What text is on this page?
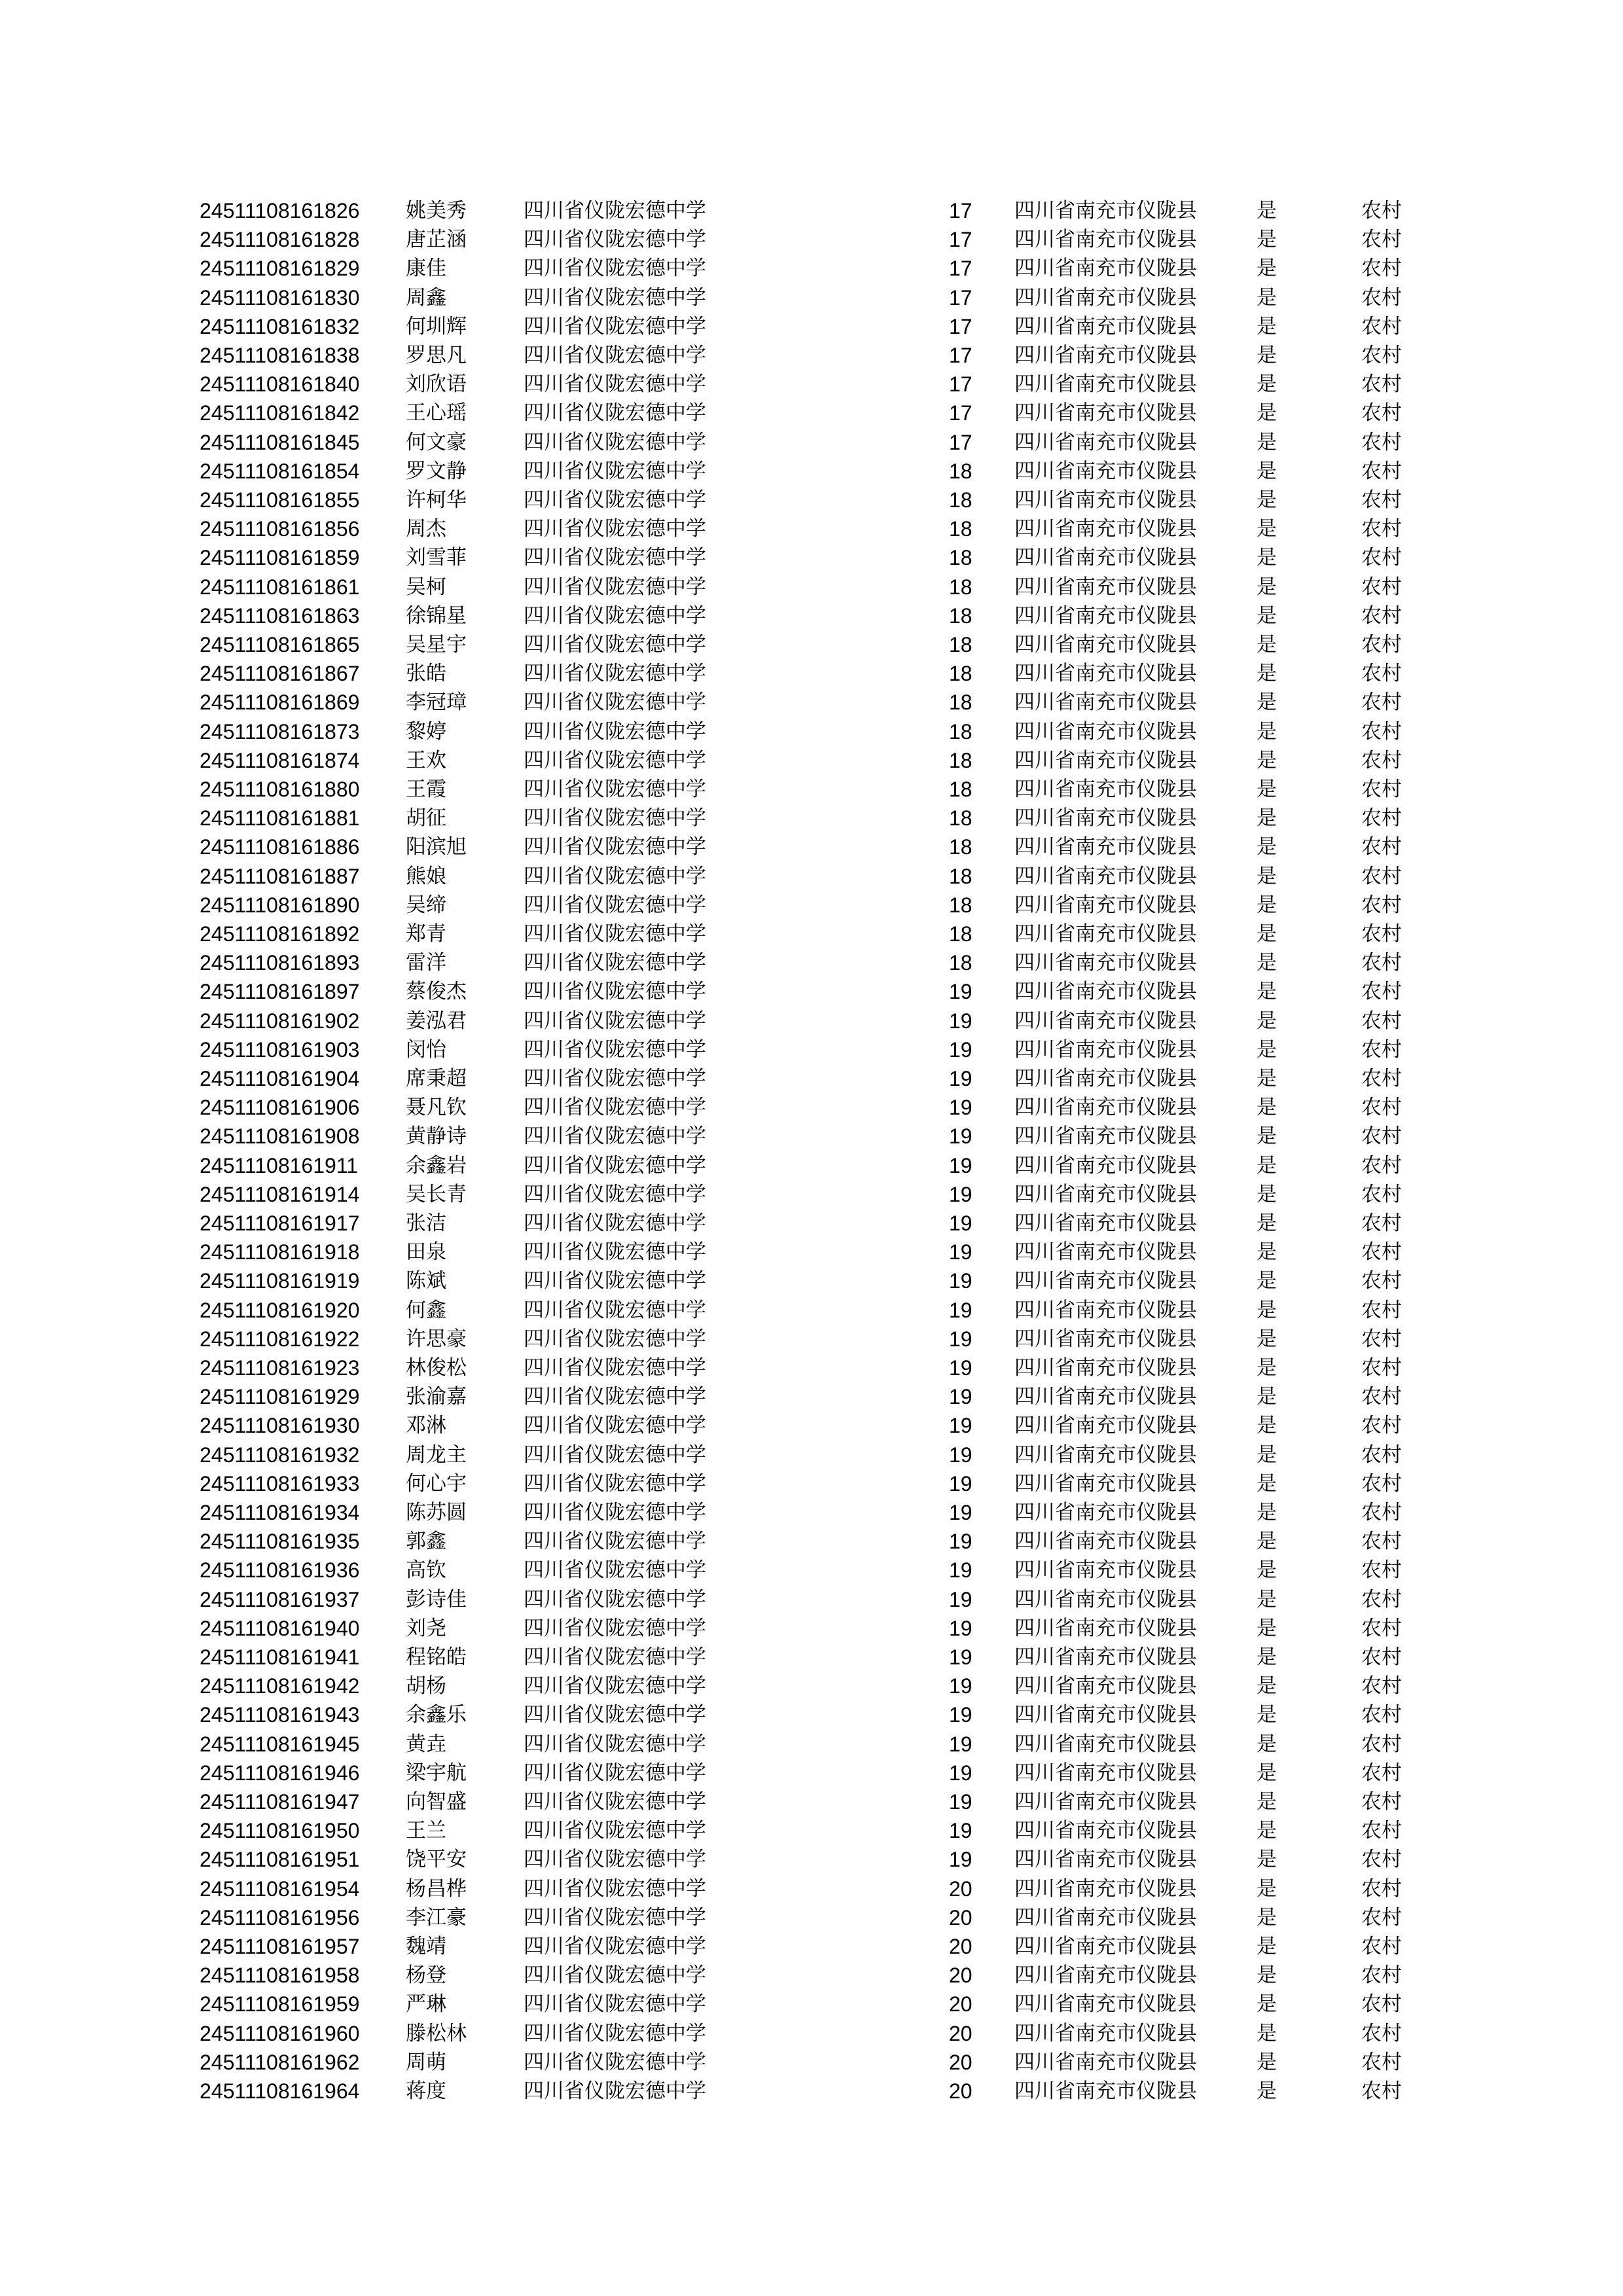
24511108161826 姚美秀	四川省仪陇宏德中学	17 四川省南充市仪陇县	是	农村
24511108161828 唐芷涵	四川省仪陇宏德中学	17 四川省南充市仪陇县	是	农村
24511108161829 康佳	四川省仪陇宏德中学	17 四川省南充市仪陇县	是	农村
24511108161830 周鑫	四川省仪陇宏德中学	17 四川省南充市仪陇县	是	农村
24511108161832 何圳辉	四川省仪陇宏德中学	17 四川省南充市仪陇县	是	农村
24511108161838 罗思凡	四川省仪陇宏德中学	17 四川省南充市仪陇县	是	农村
24511108161840 刘欣语	四川省仪陇宏德中学	17 四川省南充市仪陇县	是	农村
24511108161842 王心瑶	四川省仪陇宏德中学	17 四川省南充市仪陇县	是	农村
24511108161845 何文豪	四川省仪陇宏德中学	17 四川省南充市仪陇县	是	农村
24511108161854 罗文静	四川省仪陇宏德中学	18 四川省南充市仪陇县	是	农村
24511108161855 许柯华	四川省仪陇宏德中学	18 四川省南充市仪陇县	是	农村
24511108161856 周杰	四川省仪陇宏德中学	18 四川省南充市仪陇县	是	农村
24511108161859 刘雪菲	四川省仪陇宏德中学	18 四川省南充市仪陇县	是	农村
24511108161861 吴柯	四川省仪陇宏德中学	18 四川省南充市仪陇县	是	农村
24511108161863 徐锦星	四川省仪陇宏德中学	18 四川省南充市仪陇县	是	农村
24511108161865 吴星宇	四川省仪陇宏德中学	18 四川省南充市仪陇县	是	农村
24511108161867 张皓	四川省仪陇宏德中学	18 四川省南充市仪陇县	是	农村
24511108161869 李冠璋	四川省仪陇宏德中学	18 四川省南充市仪陇县	是	农村
24511108161873 黎婷	四川省仪陇宏德中学	18 四川省南充市仪陇县	是	农村
24511108161874 王欢	四川省仪陇宏德中学	18 四川省南充市仪陇县	是	农村
24511108161880 王霞	四川省仪陇宏德中学	18 四川省南充市仪陇县	是	农村
24511108161881 胡征	四川省仪陇宏德中学	18 四川省南充市仪陇县	是	农村
24511108161886 阳滨旭	四川省仪陇宏德中学	18 四川省南充市仪陇县	是	农村
24511108161887 熊娘	四川省仪陇宏德中学	18 四川省南充市仪陇县	是	农村
24511108161890 吴缔	四川省仪陇宏德中学	18 四川省南充市仪陇县	是	农村
24511108161892 郑青	四川省仪陇宏德中学	18 四川省南充市仪陇县	是	农村
24511108161893 雷洋	四川省仪陇宏德中学	18 四川省南充市仪陇县	是	农村
24511108161897 蔡俊杰	四川省仪陇宏德中学	19 四川省南充市仪陇县	是	农村
24511108161902 姜泓君	四川省仪陇宏德中学	19 四川省南充市仪陇县	是	农村
24511108161903 闵怡	四川省仪陇宏德中学	19 四川省南充市仪陇县	是	农村
24511108161904 席秉超	四川省仪陇宏德中学	19 四川省南充市仪陇县	是	农村
24511108161906 聂凡钦	四川省仪陇宏德中学	19 四川省南充市仪陇县	是	农村
24511108161908 黄静诗	四川省仪陇宏德中学	19 四川省南充市仪陇县	是	农村
24511108161911 余鑫岩	四川省仪陇宏德中学	19 四川省南充市仪陇县	是	农村
24511108161914 吴长青	四川省仪陇宏德中学	19 四川省南充市仪陇县	是	农村
24511108161917 张洁	四川省仪陇宏德中学	19 四川省南充市仪陇县	是	农村
24511108161918 田泉	四川省仪陇宏德中学	19 四川省南充市仪陇县	是	农村
24511108161919 陈斌	四川省仪陇宏德中学	19 四川省南充市仪陇县	是	农村
24511108161920 何鑫	四川省仪陇宏德中学	19 四川省南充市仪陇县	是	农村
24511108161922 许思豪	四川省仪陇宏德中学	19 四川省南充市仪陇县	是	农村
24511108161923 林俊松	四川省仪陇宏德中学	19 四川省南充市仪陇县	是	农村
24511108161929 张渝嘉	四川省仪陇宏德中学	19 四川省南充市仪陇县	是	农村
24511108161930 邓淋	四川省仪陇宏德中学	19 四川省南充市仪陇县	是	农村
24511108161932 周龙主	四川省仪陇宏德中学	19 四川省南充市仪陇县	是	农村
24511108161933 何心宇	四川省仪陇宏德中学	19 四川省南充市仪陇县	是	农村
24511108161934 陈苏圆	四川省仪陇宏德中学	19 四川省南充市仪陇县	是	农村
24511108161935 郭鑫	四川省仪陇宏德中学	19 四川省南充市仪陇县	是	农村
24511108161936 高钦	四川省仪陇宏德中学	19 四川省南充市仪陇县	是	农村
24511108161937 彭诗佳	四川省仪陇宏德中学	19 四川省南充市仪陇县	是	农村
24511108161940 刘尧	四川省仪陇宏德中学	19 四川省南充市仪陇县	是	农村
24511108161941 程铭皓	四川省仪陇宏德中学	19 四川省南充市仪陇县	是	农村
24511108161942 胡杨	四川省仪陇宏德中学	19 四川省南充市仪陇县	是	农村
24511108161943 余鑫乐	四川省仪陇宏德中学	19 四川省南充市仪陇县	是	农村
24511108161945 黄垚	四川省仪陇宏德中学	19 四川省南充市仪陇县	是	农村
24511108161946 梁宇航	四川省仪陇宏德中学	19 四川省南充市仪陇县	是	农村
24511108161947 向智盛	四川省仪陇宏德中学	19 四川省南充市仪陇县	是	农村
24511108161950 王兰	四川省仪陇宏德中学	19 四川省南充市仪陇县	是	农村
24511108161951 饶平安	四川省仪陇宏德中学	19 四川省南充市仪陇县	是	农村
24511108161954 杨昌桦	四川省仪陇宏德中学	20 四川省南充市仪陇县	是	农村
24511108161956 李江豪	四川省仪陇宏德中学	20 四川省南充市仪陇县	是	农村
24511108161957 魏靖	四川省仪陇宏德中学	20 四川省南充市仪陇县	是	农村
24511108161958 杨登	四川省仪陇宏德中学	20 四川省南充市仪陇县	是	农村
24511108161959 严琳	四川省仪陇宏德中学	20 四川省南充市仪陇县	是	农村
24511108161960 滕松林	四川省仪陇宏德中学	20 四川省南充市仪陇县	是	农村
24511108161962 周萌	四川省仪陇宏德中学	20 四川省南充市仪陇县	是	农村
24511108161964 蒋度	四川省仪陇宏德中学	20 四川省南充市仪陇县	是	农村
